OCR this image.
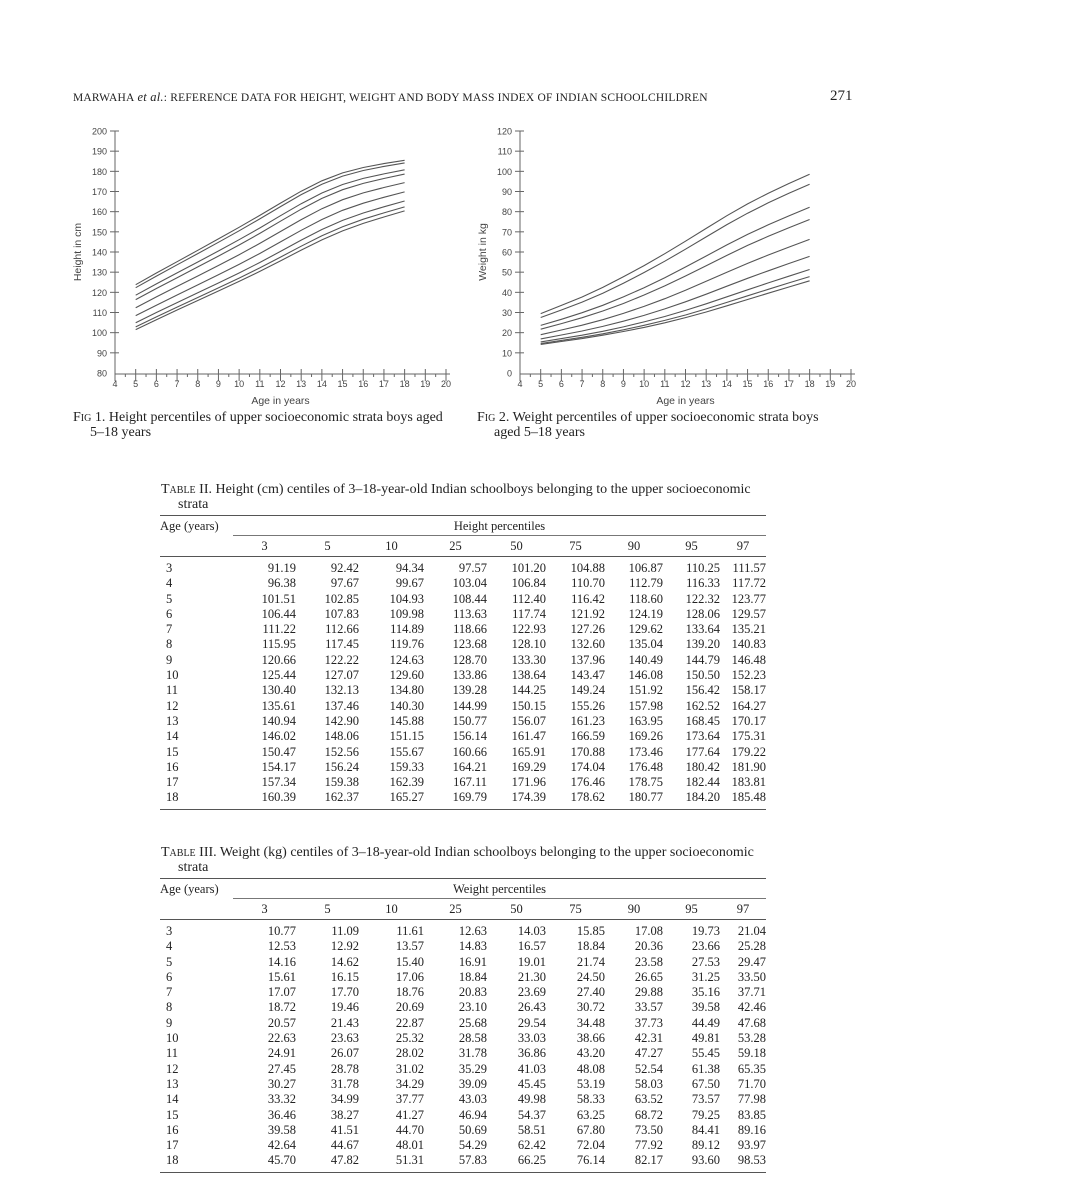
MARWAHA et al.: REFERENCE DATA FOR HEIGHT, WEIGHT AND BODY MASS INDEX OF INDIAN SCHOOLCHILDREN	271
80
90
100
110
120
130
140
150
160
170
180
190
200
4 5 6 7 8 9 10 11 12 13 14 15 16 17 18 19 20
Age in years
Height in cm
Fig 1. Height percentiles of upper socioeconomic strata boys aged
5–18 years
0
10
20
30
40
50
60
70
80
90
100
110
120
4 5 6 7 8 9 10 11 12 13 14 15 16 17 18 19 20
Age in years
Weight in kg
Fig 2. Weight percentiles of upper socioeconomic strata boys
aged 5–18 years
Table II. Height (cm) centiles of 3–18-year-old Indian schoolboys belonging to the upper socioeconomic
strata
Age (years)	Height percentiles
3	5	10	25	50	75	90	95	97
3	91.19	92.42	94.34	97.57	101.20	104.88	106.87	110.25	111.57
4	96.38	97.67	99.67	103.04	106.84	110.70	112.79	116.33 117.72
5	101.51	102.85	104.93	108.44	112.40	116.42	118.60	122.32 123.77
6	106.44	107.83	109.98	113.63	117.74	121.92	124.19	128.06 129.57
7	111.22	112.66	114.89	118.66	122.93	127.26	129.62	133.64 135.21
8	115.95	117.45	119.76	123.68	128.10	132.60	135.04	139.20 140.83
9	120.66	122.22	124.63	128.70	133.30	137.96	140.49	144.79 146.48
10	125.44	127.07	129.60	133.86	138.64	143.47	146.08	150.50 152.23
11	130.40	132.13	134.80	139.28	144.25	149.24	151.92	156.42 158.17
12	135.61	137.46	140.30	144.99	150.15	155.26	157.98	162.52 164.27
13	140.94	142.90	145.88	150.77	156.07	161.23	163.95	168.45 170.17
14	146.02	148.06	151.15	156.14	161.47	166.59	169.26	173.64 175.31
15	150.47	152.56	155.67	160.66	165.91	170.88	173.46	177.64 179.22
16	154.17	156.24	159.33	164.21	169.29	174.04	176.48	180.42 181.90
17	157.34	159.38	162.39	167.11	171.96	176.46	178.75	182.44 183.81
18	160.39	162.37	165.27	169.79	174.39	178.62	180.77	184.20 185.48
Table III. Weight (kg) centiles of 3–18-year-old Indian schoolboys belonging to the upper socioeconomic
strata
Age (years)	Weight percentiles
3	5	10	25	50	75	90	95	97
3	10.77	11.09	11.61	12.63	14.03	15.85	17.08	19.73	21.04
4	12.53	12.92	13.57	14.83	16.57	18.84	20.36	23.66	25.28
5	14.16	14.62	15.40	16.91	19.01	21.74	23.58	27.53	29.47
6	15.61	16.15	17.06	18.84	21.30	24.50	26.65	31.25	33.50
7	17.07	17.70	18.76	20.83	23.69	27.40	29.88	35.16	37.71
8	18.72	19.46	20.69	23.10	26.43	30.72	33.57	39.58	42.46
9	20.57	21.43	22.87	25.68	29.54	34.48	37.73	44.49	47.68
10	22.63	23.63	25.32	28.58	33.03	38.66	42.31	49.81	53.28
11	24.91	26.07	28.02	31.78	36.86	43.20	47.27	55.45	59.18
12	27.45	28.78	31.02	35.29	41.03	48.08	52.54	61.38	65.35
13	30.27	31.78	34.29	39.09	45.45	53.19	58.03	67.50	71.70
14	33.32	34.99	37.77	43.03	49.98	58.33	63.52	73.57	77.98
15	36.46	38.27	41.27	46.94	54.37	63.25	68.72	79.25	83.85
16	39.58	41.51	44.70	50.69	58.51	67.80	73.50	84.41	89.16
17	42.64	44.67	48.01	54.29	62.42	72.04	77.92	89.12	93.97
18	45.70	47.82	51.31	57.83	66.25	76.14	82.17	93.60	98.53
